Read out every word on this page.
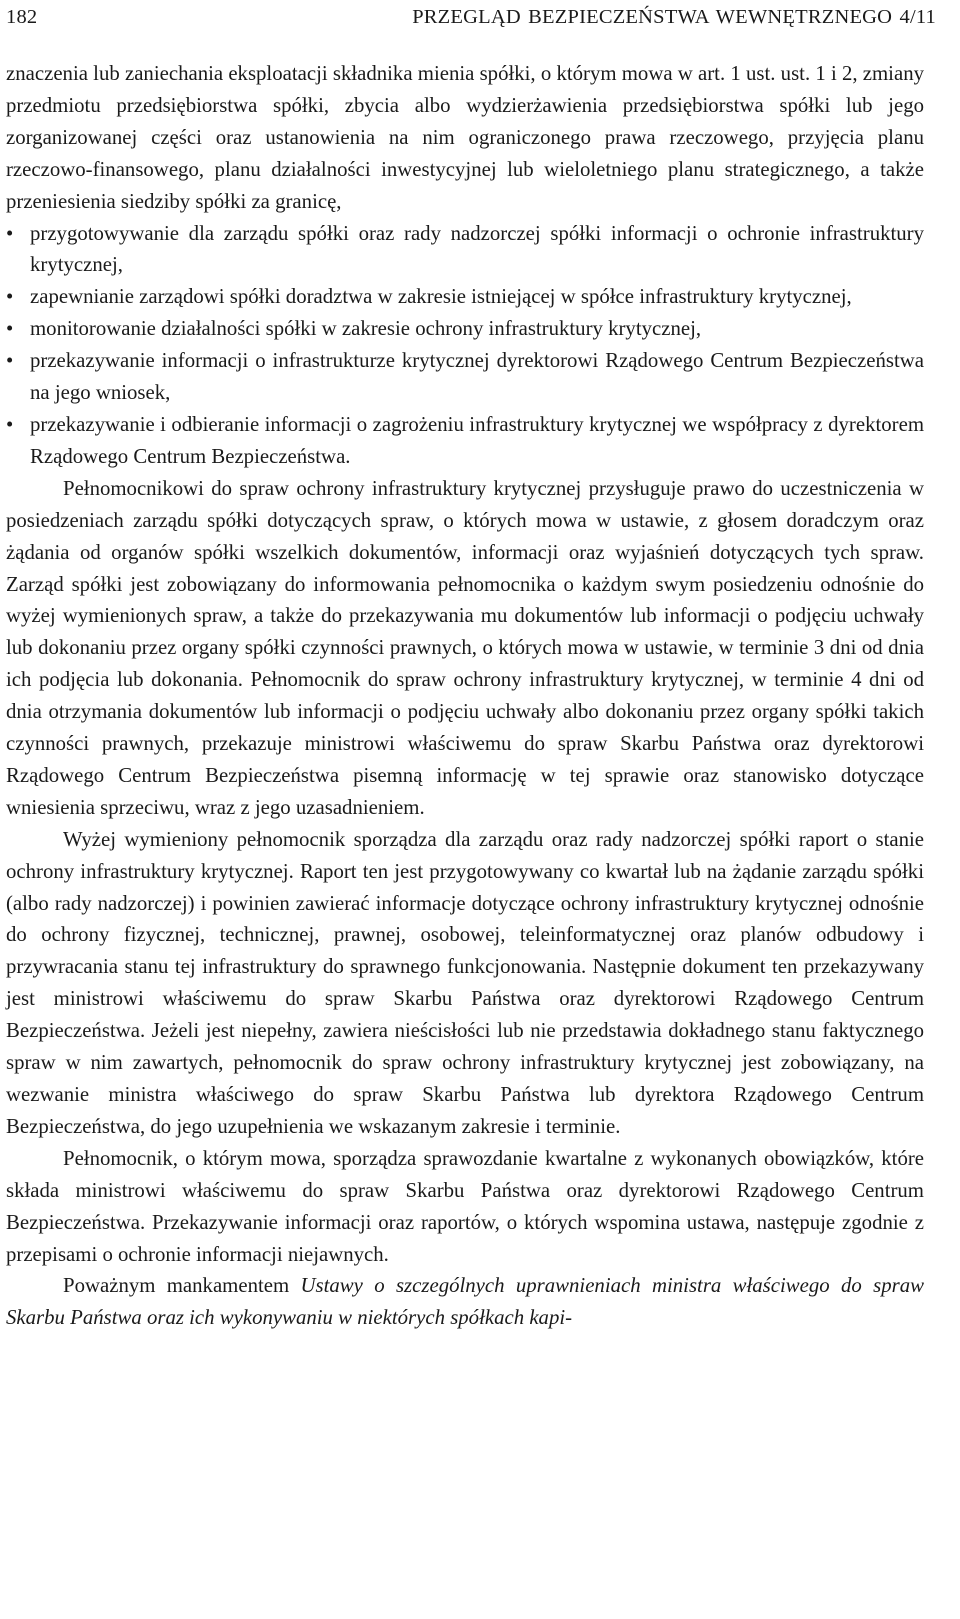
182	PRZEGLĄD BEZPIECZEŃSTWA WEWNĘTRZNEGO 4/11

znaczenia lub zaniechania eksploatacji składnika mienia spółki, o którym mowa w art. 1 ust. ust. 1 i 2, zmiany przedmiotu przedsiębiorstwa spółki, zbycia albo wydzierżawienia przedsiębiorstwa spółki lub jego zorganizowanej części oraz ustanowienia na nim ograniczonego prawa rzeczowego, przyjęcia planu rzeczowo-finansowego, planu działalności inwestycyjnej lub wieloletniego planu strategicznego, a także przeniesienia siedziby spółki za granicę,

• przygotowywanie dla zarządu spółki oraz rady nadzorczej spółki informacji o ochronie infrastruktury krytycznej,
• zapewnianie zarządowi spółki doradztwa w zakresie istniejącej w spółce infrastruktury krytycznej,
• monitorowanie działalności spółki w zakresie ochrony infrastruktury krytycznej,
• przekazywanie informacji o infrastrukturze krytycznej dyrektorowi Rządowego Centrum Bezpieczeństwa na jego wniosek,
• przekazywanie i odbieranie informacji o zagrożeniu infrastruktury krytycznej we współpracy z dyrektorem Rządowego Centrum Bezpieczeństwa.

Pełnomocnikowi do spraw ochrony infrastruktury krytycznej przysługuje prawo do uczestniczenia w posiedzeniach zarządu spółki dotyczących spraw, o których mowa w ustawie, z głosem doradczym oraz żądania od organów spółki wszelkich dokumentów, informacji oraz wyjaśnień dotyczących tych spraw. Zarząd spółki jest zobowiązany do informowania pełnomocnika o każdym swym posiedzeniu odnośnie do wyżej wymienionych spraw, a także do przekazywania mu dokumentów lub informacji o podjęciu uchwały lub dokonaniu przez organy spółki czynności prawnych, o których mowa w ustawie, w terminie 3 dni od dnia ich podjęcia lub dokonania. Pełnomocnik do spraw ochrony infrastruktury krytycznej, w terminie 4 dni od dnia otrzymania dokumentów lub informacji o podjęciu uchwały albo dokonaniu przez organy spółki takich czynności prawnych, przekazuje ministrowi właściwemu do spraw Skarbu Państwa oraz dyrektorowi Rządowego Centrum Bezpieczeństwa pisemną informację w tej sprawie oraz stanowisko dotyczące wniesienia sprzeciwu, wraz z jego uzasadnieniem.

Wyżej wymieniony pełnomocnik sporządza dla zarządu oraz rady nadzorczej spółki raport o stanie ochrony infrastruktury krytycznej. Raport ten jest przygotowywany co kwartał lub na żądanie zarządu spółki (albo rady nadzorczej) i powinien zawierać informacje dotyczące ochrony infrastruktury krytycznej odnośnie do ochrony fizycznej, technicznej, prawnej, osobowej, teleinformatycznej oraz planów odbudowy i przywracania stanu tej infrastruktury do sprawnego funkcjonowania. Następnie dokument ten przekazywany jest ministrowi właściwemu do spraw Skarbu Państwa oraz dyrektorowi Rządowego Centrum Bezpieczeństwa. Jeżeli jest niepełny, zawiera nieścisłości lub nie przedstawia dokładnego stanu faktycznego spraw w nim zawartych, pełnomocnik do spraw ochrony infrastruktury krytycznej jest zobowiązany, na wezwanie ministra właściwego do spraw Skarbu Państwa lub dyrektora Rządowego Centrum Bezpieczeństwa, do jego uzupełnienia we wskazanym zakresie i terminie.

Pełnomocnik, o którym mowa, sporządza sprawozdanie kwartalne z wykonanych obowiązków, które składa ministrowi właściwemu do spraw Skarbu Państwa oraz dyrektorowi Rządowego Centrum Bezpieczeństwa. Przekazywanie informacji oraz raportów, o których wspomina ustawa, następuje zgodnie z przepisami o ochronie informacji niejawnych.

Poważnym mankamentem Ustawy o szczególnych uprawnieniach ministra właściwego do spraw Skarbu Państwa oraz ich wykonywaniu w niektórych spółkach kapi-
